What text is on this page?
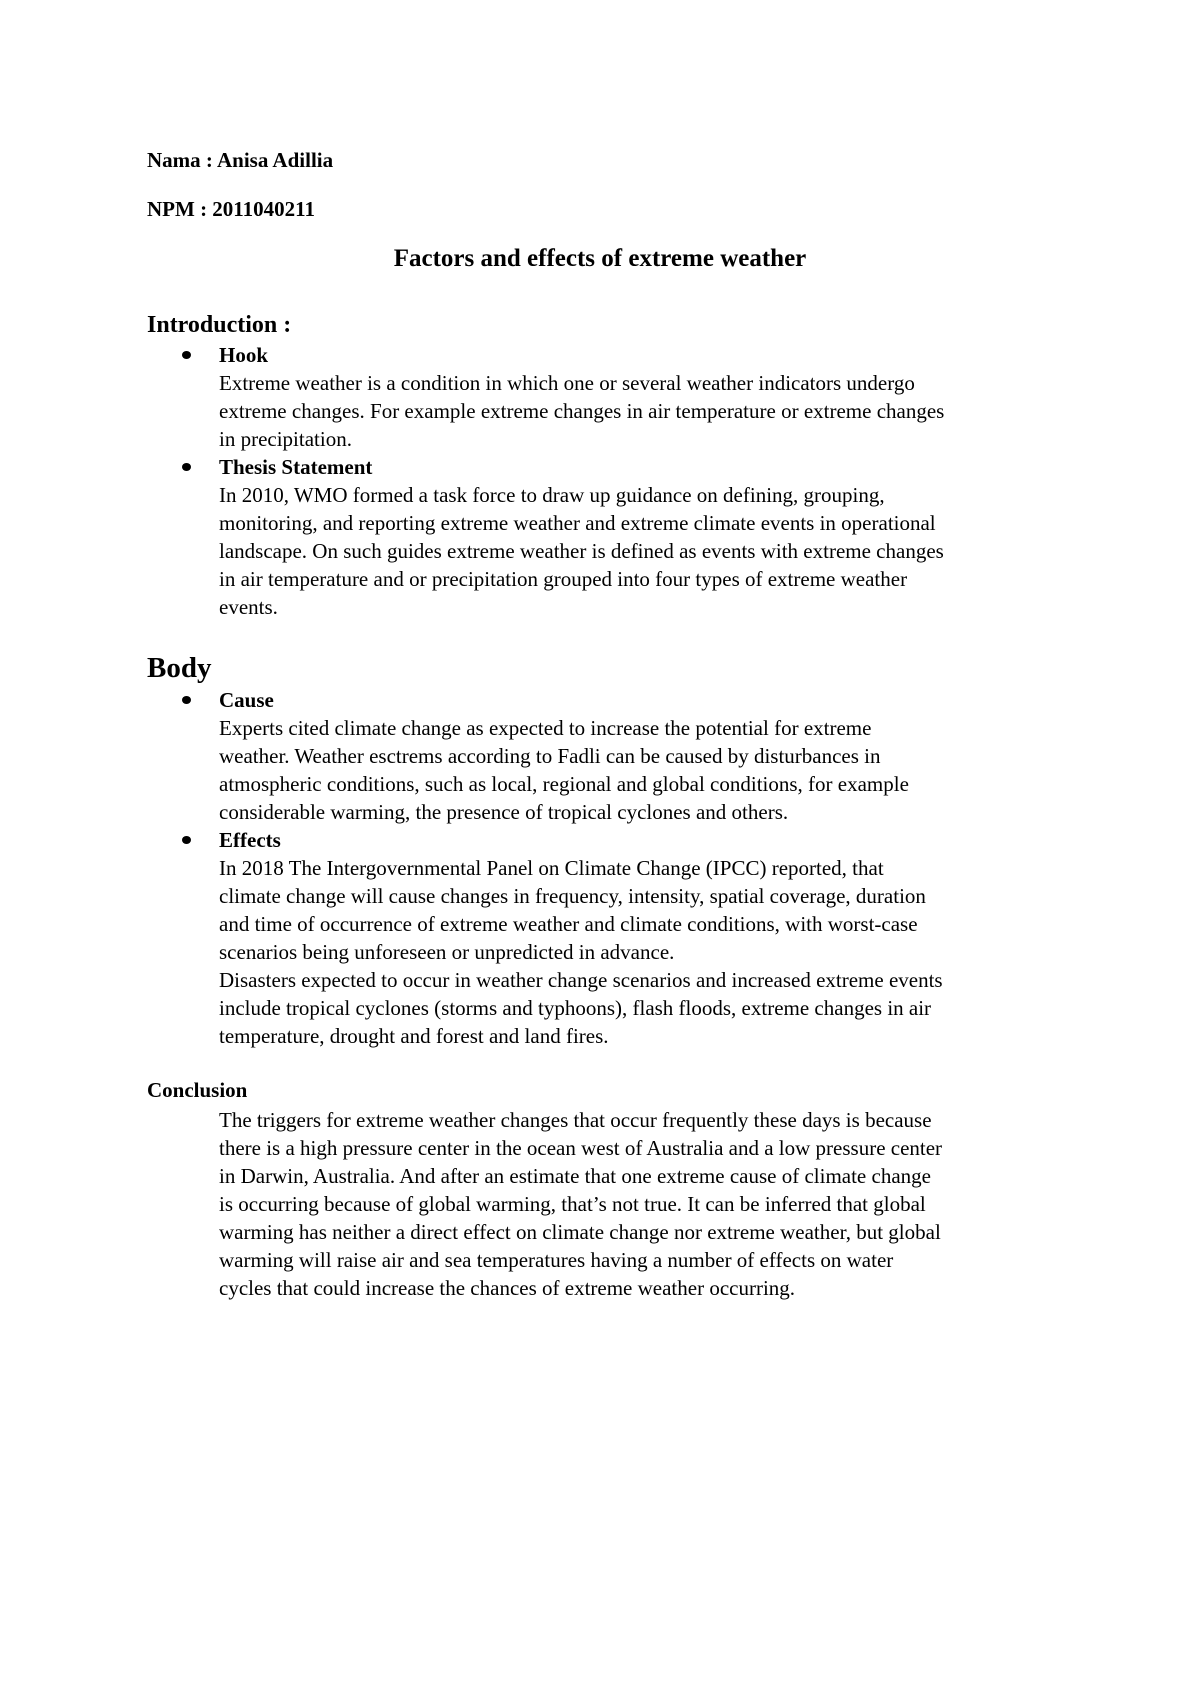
Nama : Anisa Adillia

NPM : 2011040211

Factors and effects of extreme weather
Introduction :

Hook

Extreme weather is a condition in which one or several weather indicators undergo
extreme changes. For example extreme changes in air temperature or extreme changes
in precipitation.

Thesis Statement

In 2010, WMO formed a task force to draw up guidance on defining, grouping,
monitoring, and reporting extreme weather and extreme climate events in operational
landscape. On such guides extreme weather is defined as events with extreme changes
in air temperature and or precipitation grouped into four types of extreme weather
events.

Body

Cause

Experts cited climate change as expected to increase the potential for extreme
weather. Weather esctrems according to Fadli can be caused by disturbances in
atmospheric conditions, such as local, regional and global conditions, for example
considerable warming, the presence of tropical cyclones and others.

Effects

In 2018 The Intergovernmental Panel on Climate Change (IPCC) reported, that
climate change will cause changes in frequency, intensity, spatial coverage, duration
and time of occurrence of extreme weather and climate conditions, with worst-case
scenarios being unforeseen or unpredicted in advance.
Disasters expected to occur in weather change scenarios and increased extreme events
include tropical cyclones (storms and typhoons), flash floods, extreme changes in air
temperature, drought and forest and land fires.

Conclusion

The triggers for extreme weather changes that occur frequently these days is because
there is a high pressure center in the ocean west of Australia and a low pressure center
in Darwin, Australia. And after an estimate that one extreme cause of climate change
is occurring because of global warming, that’s not true. It can be inferred that global
warming has neither a direct effect on climate change nor extreme weather, but global
warming will raise air and sea temperatures having a number of effects on water
cycles that could increase the chances of extreme weather occurring.
